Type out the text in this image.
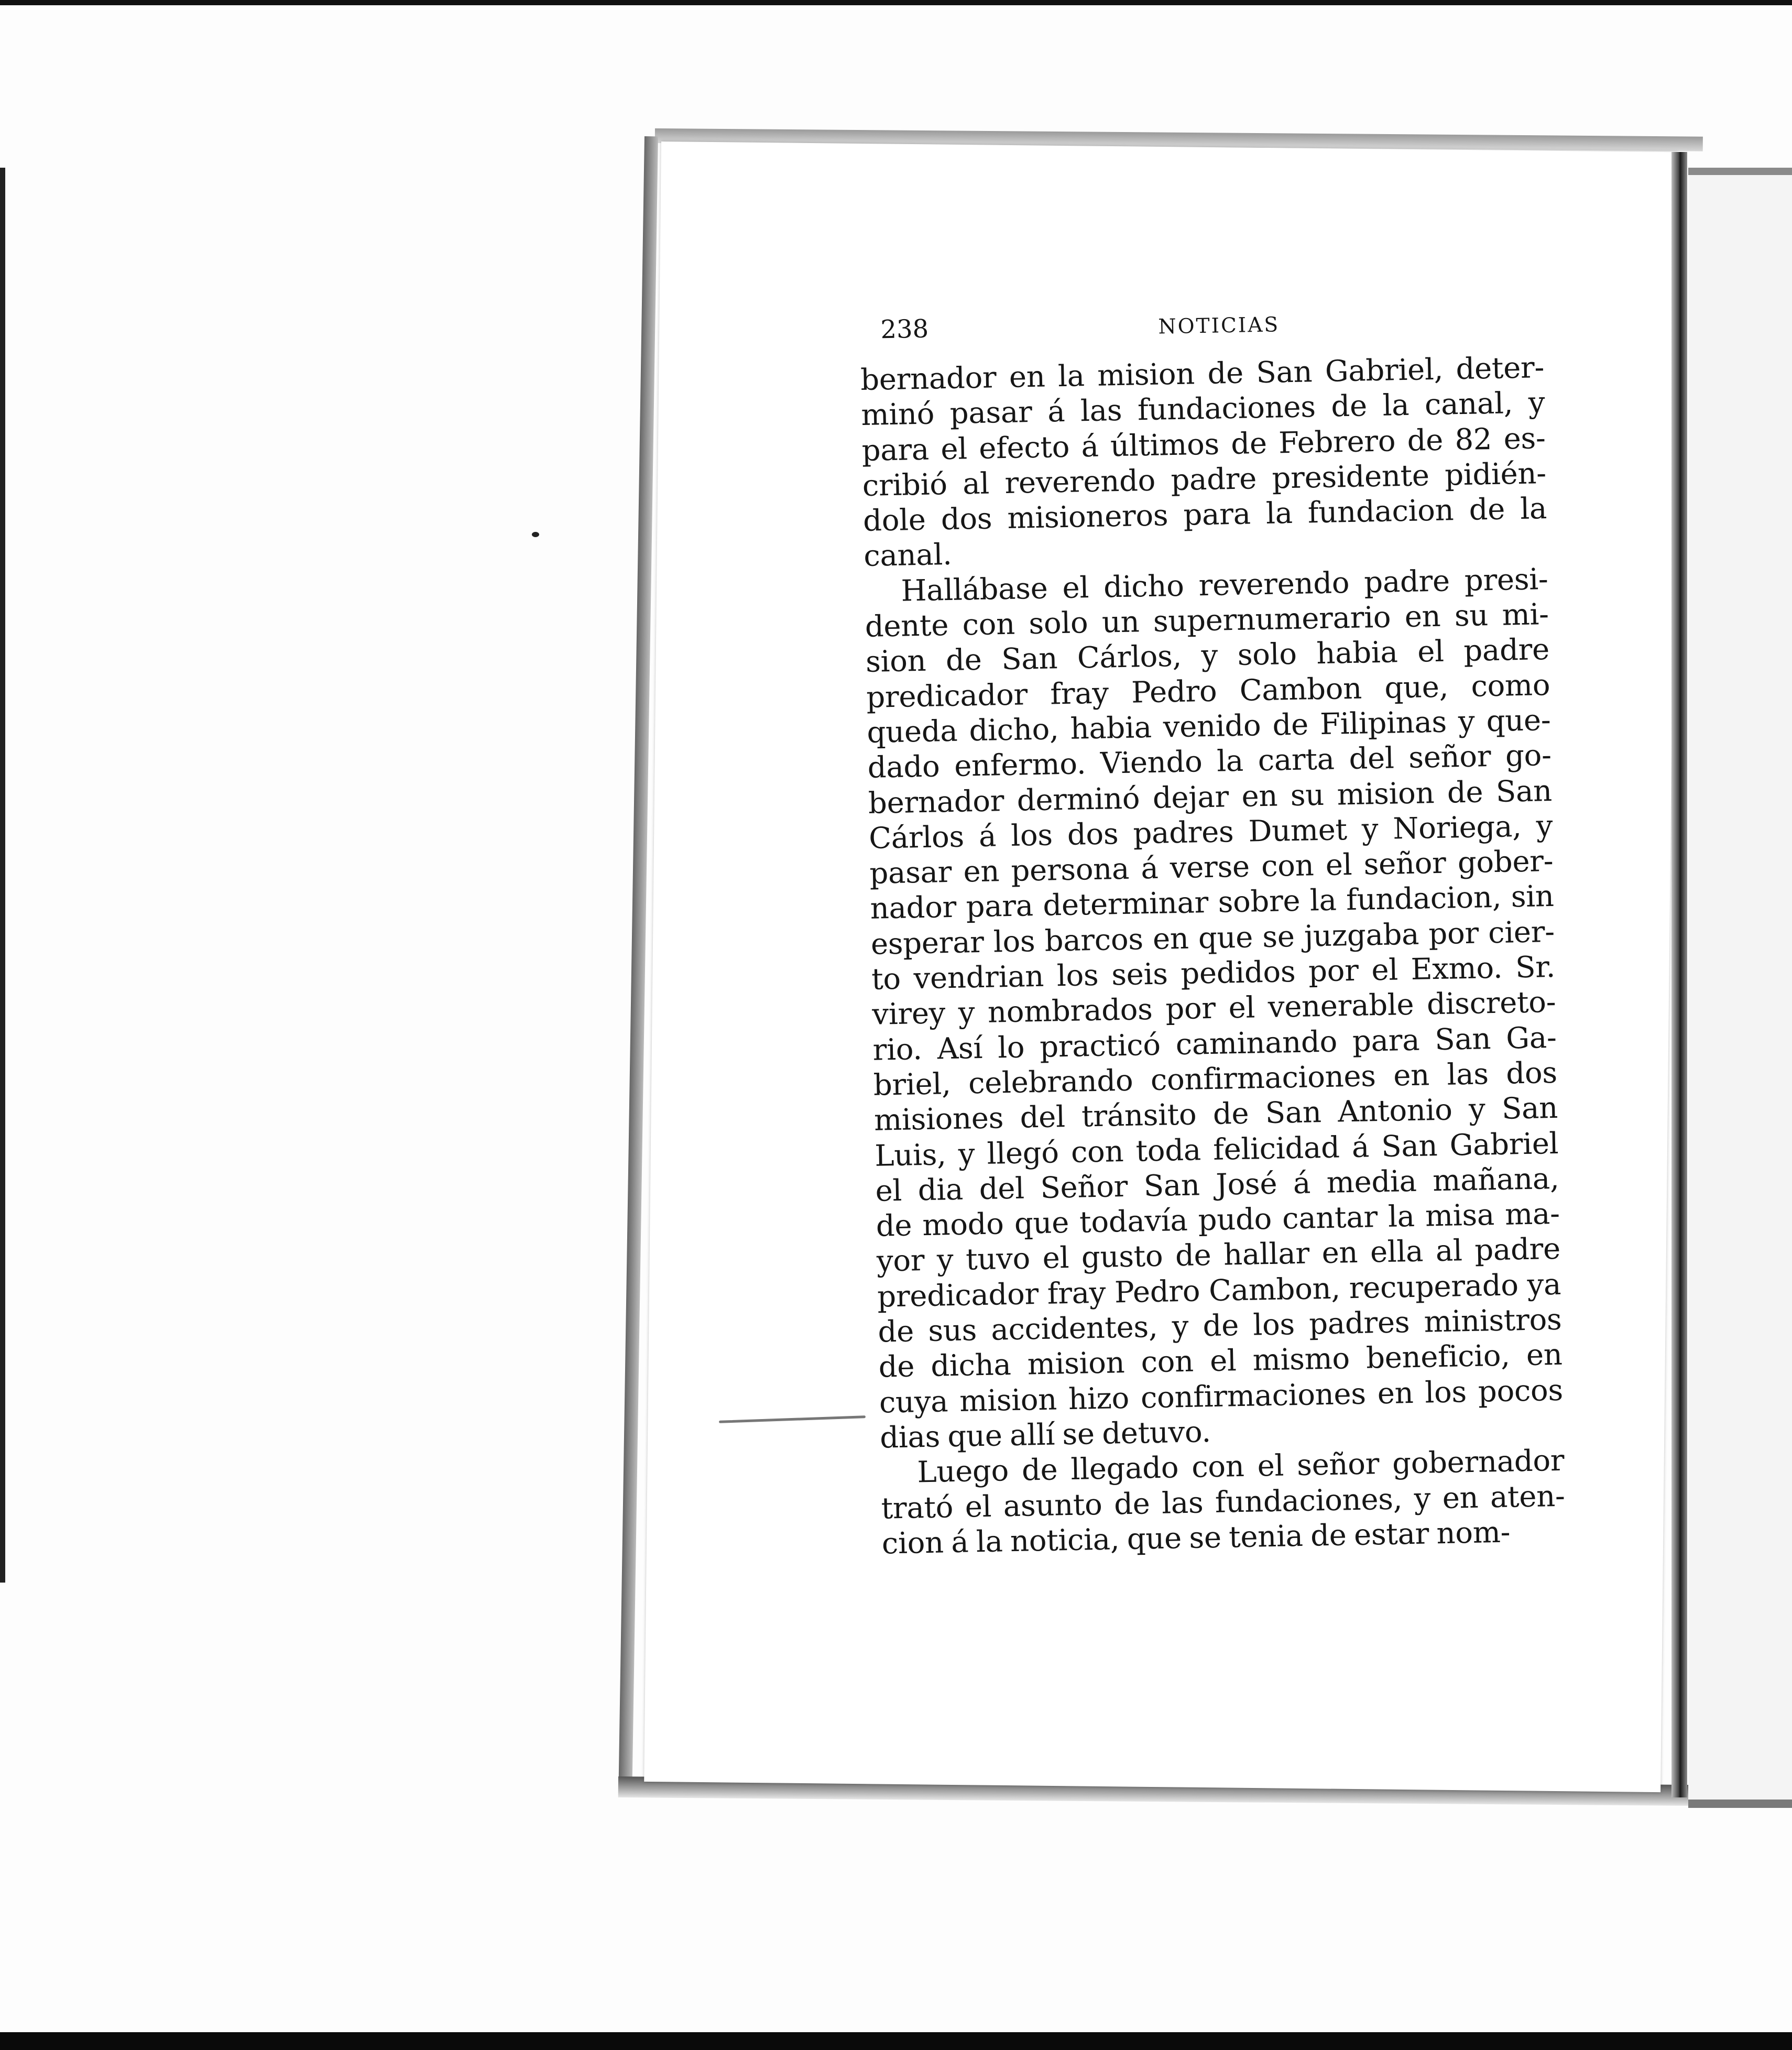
238	NOTICIAS
bernador en la mision de San Gabriel, deter-
minó pasar á las fundaciones de la canal, y
para el efecto á últimos de Febrero de 82 es-
cribió al reverendo padre presidente pidién-
dole dos misioneros para la fundacion de la
canal.
Hallábase el dicho reverendo padre presi-
dente con solo un supernumerario en su mi-
sion de San Cárlos, y solo habia el padre
predicador fray Pedro Cambon que, como
queda dicho, habia venido de Filipinas y que-
dado enfermo. Viendo la carta del señor go-
bernador derminó dejar en su mision de San
Cárlos á los dos padres Dumet y Noriega, y
pasar en persona á verse con el señor gober-
nador para determinar sobre la fundacion, sin
esperar los barcos en que se juzgaba por cier-
to vendrian los seis pedidos por el Exmo. Sr.
virey y nombrados por el venerable discreto-
rio. Así lo practicó caminando para San Ga-
briel, celebrando confirmaciones en las dos
misiones del tránsito de San Antonio y San
Luis, y llegó con toda felicidad á San Gabriel
el dia del Señor San José á media mañana,
de modo que todavía pudo cantar la misa ma-
yor y tuvo el gusto de hallar en ella al padre
predicador fray Pedro Cambon, recuperado ya
de sus accidentes, y de los padres ministros
de dicha mision con el mismo beneficio, en
cuya mision hizo confirmaciones en los pocos
dias que allí se detuvo.
Luego de llegado con el señor gobernador
trató el asunto de las fundaciones, y en aten-
cion á la noticia, que se tenia de estar nom-
